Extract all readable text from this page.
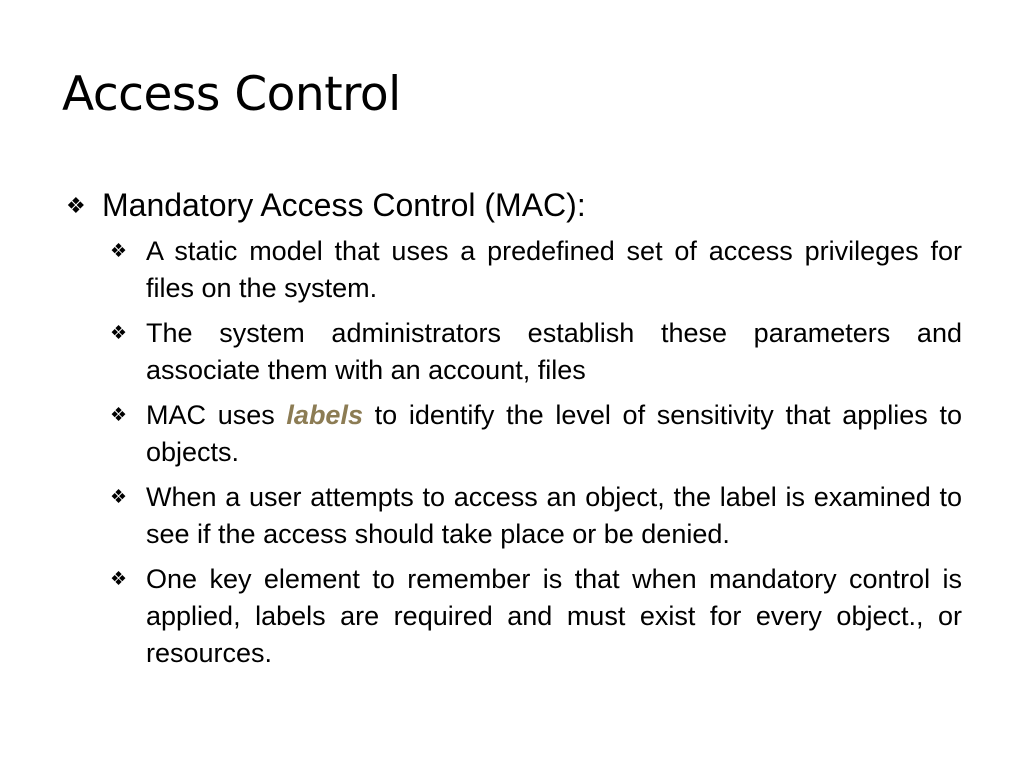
Access Control
❖ Mandatory Access Control (MAC):
❖ A static model that uses a predefined set of access privileges for files on the system.
❖ The system administrators establish these parameters and associate them with an account, files
❖ MAC uses labels to identify the level of sensitivity that applies to objects.
❖ When a user attempts to access an object, the label is examined to see if the access should take place or be denied.
❖ One key element to remember is that when mandatory control is applied, labels are required and must exist for every object., or resources.
